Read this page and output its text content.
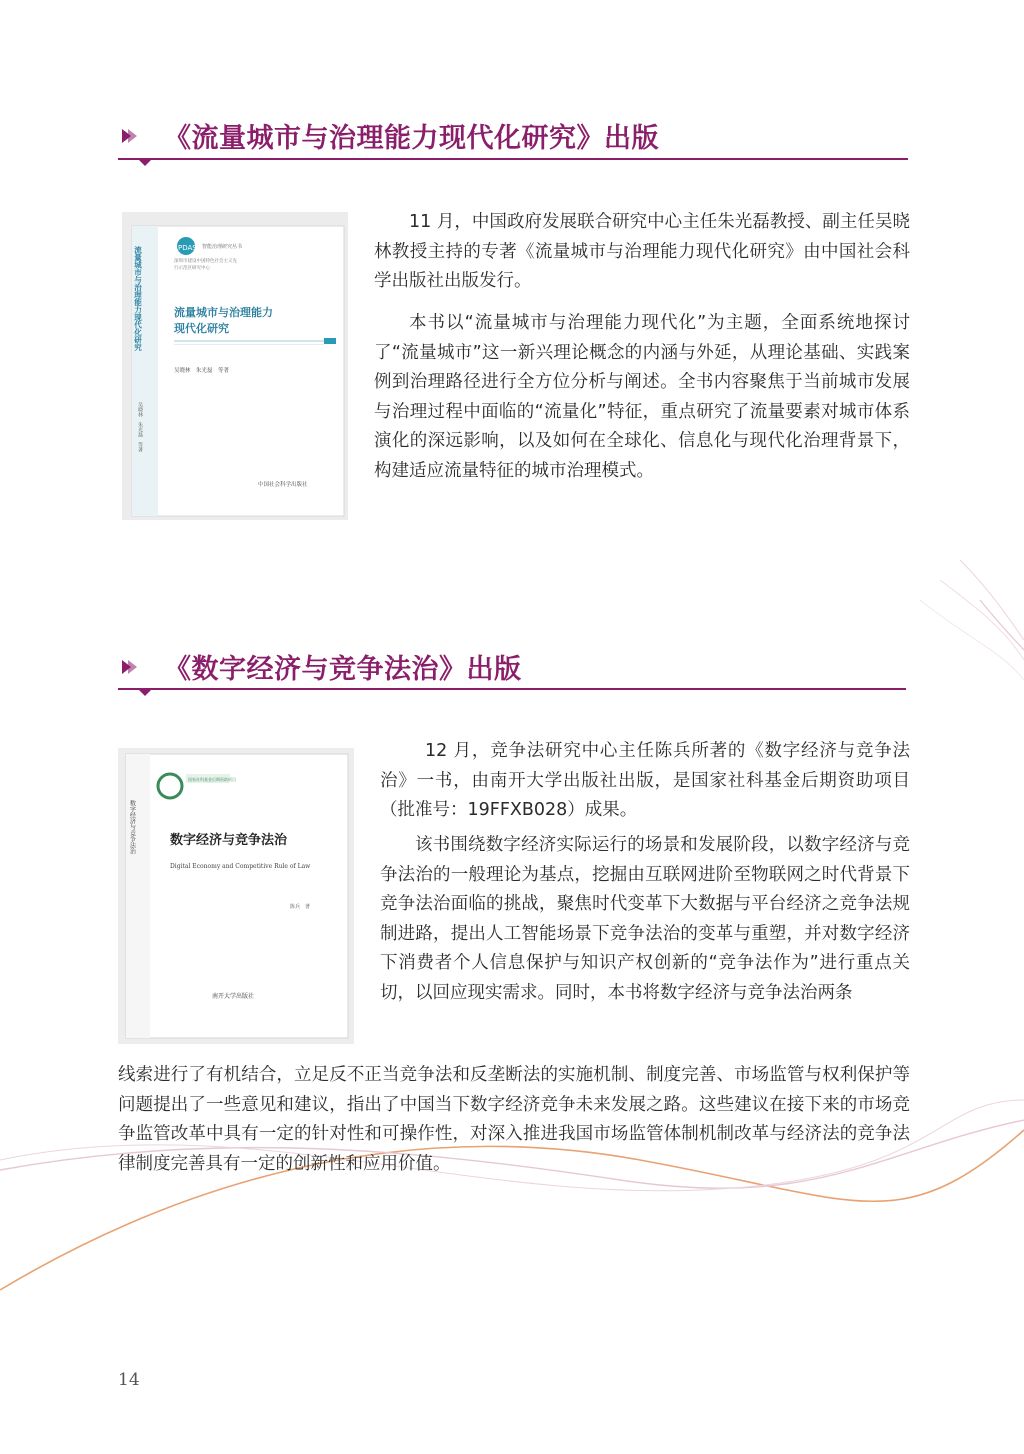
《流量城市与治理能力现代化研究》出版
PDASC 智能治理研究丛书
深圳市建设中国特色社会主义先
行示范区研究中心
流量城市与治理能力
现代化研究
吴晓林　朱光磊　等著
中国社会科学出版社
流量城市与治理能力现代化研究
吴晓林　朱光磊　等著

11 月，中国政府发展联合研究中心主任朱光磊教授、副主任吴晓林教授主持的专著《流量城市与治理能力现代化研究》由中国社会科学出版社出版发行。

本书以“流量城市与治理能力现代化”为主题，全面系统地探讨了“流量城市”这一新兴理论概念的内涵与外延，从理论基础、实践案例到治理路径进行全方位分析与阐述。全书内容聚焦于当前城市发展与治理过程中面临的“流量化”特征，重点研究了流量要素对城市体系演化的深远影响，以及如何在全球化、信息化与现代化治理背景下，构建适应流量特征的城市治理模式。

《数字经济与竞争法治》出版
国家社科基金后期资助项目
数字经济与竞争法治
Digital Economy and Competitive Rule of Law
陈兵　著
南开大学出版社
数字经济与竞争法治

12 月，竞争法研究中心主任陈兵所著的《数字经济与竞争法治》一书，由南开大学出版社出版，是国家社科基金后期资助项目（批准号：19FFXB028）成果。

该书围绕数字经济实际运行的场景和发展阶段，以数字经济与竞争法治的一般理论为基点，挖掘由互联网进阶至物联网之时代背景下竞争法治面临的挑战，聚焦时代变革下大数据与平台经济之竞争法规制进路，提出人工智能场景下竞争法治的变革与重塑，并对数字经济下消费者个人信息保护与知识产权创新的“竞争法作为”进行重点关切，以回应现实需求。同时，本书将数字经济与竞争法治两条

线索进行了有机结合，立足反不正当竞争法和反垄断法的实施机制、制度完善、市场监管与权利保护等问题提出了一些意见和建议，指出了中国当下数字经济竞争未来发展之路。这些建议在接下来的市场竞争监管改革中具有一定的针对性和可操作性，对深入推进我国市场监管体制机制改革与经济法的竞争法律制度完善具有一定的创新性和应用价值。

14
